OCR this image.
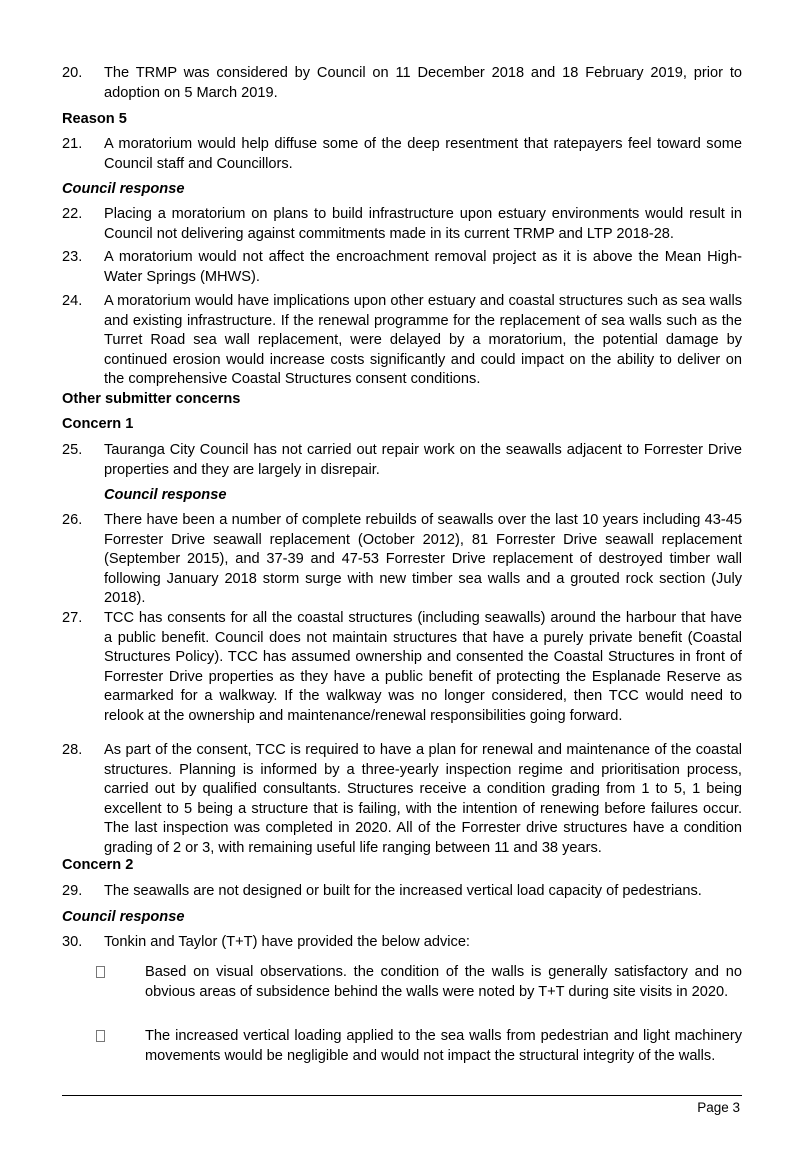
20.	The TRMP was considered by Council on 11 December 2018 and 18 February 2019, prior to adoption on 5 March 2019.
Reason 5
21.	A moratorium would help diffuse some of the deep resentment that ratepayers feel toward some Council staff and Councillors.
Council response
22.	Placing a moratorium on plans to build infrastructure upon estuary environments would result in Council not delivering against commitments made in its current TRMP and LTP 2018-28.
23.	A moratorium would not affect the encroachment removal project as it is above the Mean High-Water Springs (MHWS).
24.	A moratorium would have implications upon other estuary and coastal structures such as sea walls and existing infrastructure. If the renewal programme for the replacement of sea walls such as the Turret Road sea wall replacement, were delayed by a moratorium, the potential damage by continued erosion would increase costs significantly and could impact on the ability to deliver on the comprehensive Coastal Structures consent conditions.
Other submitter concerns
Concern 1
25.	Tauranga City Council has not carried out repair work on the seawalls adjacent to Forrester Drive properties and they are largely in disrepair.
Council response
26.	There have been a number of complete rebuilds of seawalls over the last 10 years including 43-45 Forrester Drive seawall replacement (October 2012), 81 Forrester Drive seawall replacement (September 2015), and 37-39 and 47-53 Forrester Drive replacement of destroyed timber wall following January 2018 storm surge with new timber sea walls and a grouted rock section (July 2018).
27.	TCC has consents for all the coastal structures (including seawalls) around the harbour that have a public benefit. Council does not maintain structures that have a purely private benefit (Coastal Structures Policy). TCC has assumed ownership and consented the Coastal Structures in front of Forrester Drive properties as they have a public benefit of protecting the Esplanade Reserve as earmarked for a walkway. If the walkway was no longer considered, then TCC would need to relook at the ownership and maintenance/renewal responsibilities going forward.
28.	As part of the consent, TCC is required to have a plan for renewal and maintenance of the coastal structures. Planning is informed by a three-yearly inspection regime and prioritisation process, carried out by qualified consultants. Structures receive a condition grading from 1 to 5, 1 being excellent to 5 being a structure that is failing, with the intention of renewing before failures occur. The last inspection was completed in 2020. All of the Forrester drive structures have a condition grading of 2 or 3, with remaining useful life ranging between 11 and 38 years.
Concern 2
29.	The seawalls are not designed or built for the increased vertical load capacity of pedestrians.
Council response
30.	Tonkin and Taylor (T+T) have provided the below advice:
Based on visual observations. the condition of the walls is generally satisfactory and no obvious areas of subsidence behind the walls were noted by T+T during site visits in 2020.
The increased vertical loading applied to the sea walls from pedestrian and light machinery movements would be negligible and would not impact the structural integrity of the walls.
Page 3
